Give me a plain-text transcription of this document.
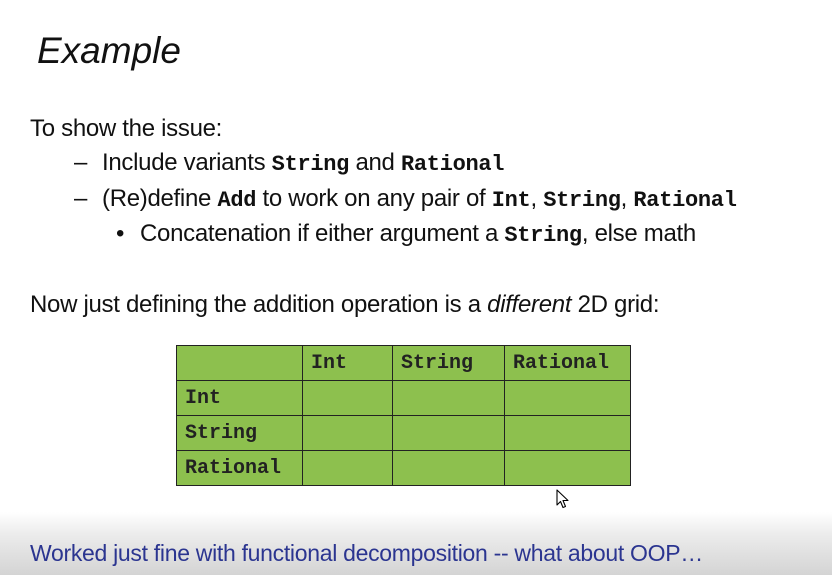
Example
To show the issue:
– Include variants String and Rational
– (Re)define Add to work on any pair of Int, String, Rational
• Concatenation if either argument a String, else math
Now just defining the addition operation is a different 2D grid:
	Int	String	Rational
Int			
String			
Rational			
Worked just fine with functional decomposition -- what about OOP…
